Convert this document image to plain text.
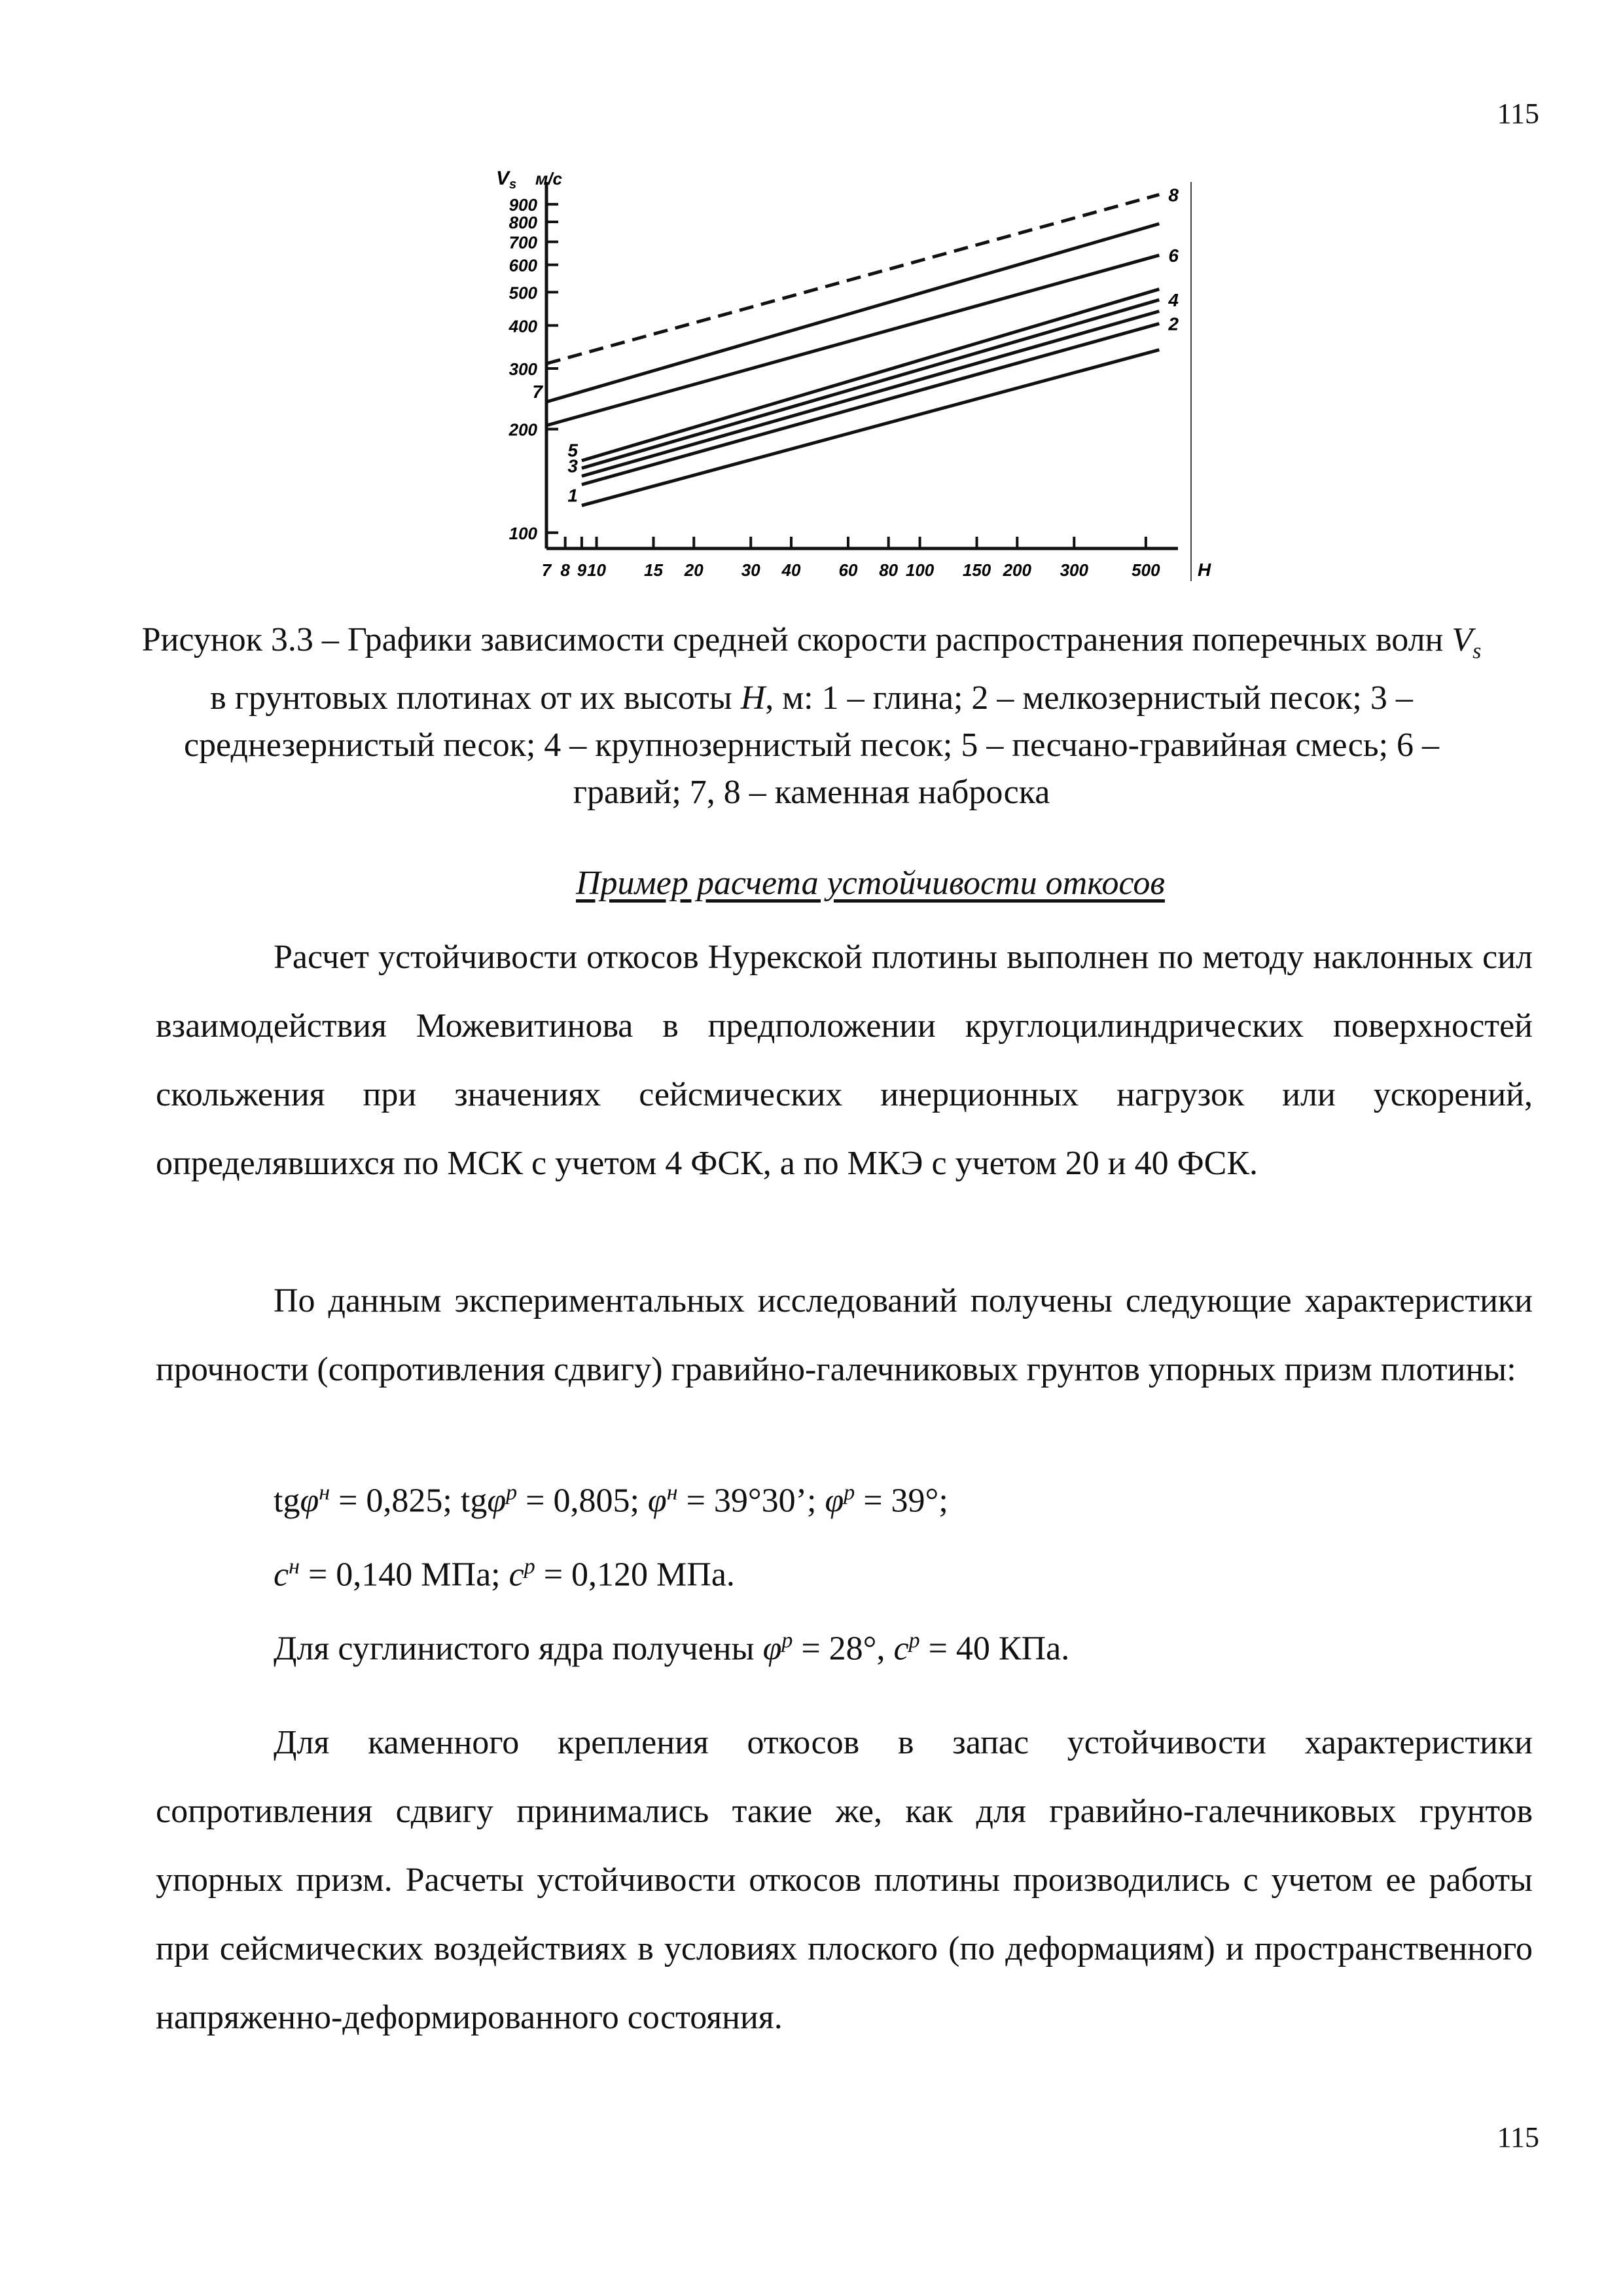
115
100
200
300
400
500
600
700
800
900
7 8 9 10 15 20 30 40 60 80 100 150 200 300	500
1
2
3
4
5
6
7
8
$V_s$ м/с
H
Рисунок 3.3 – Графики зависимости средней скорости распространения поперечных волн $V_s$ в грунтовых плотинах от их высоты H, м: 1 – глина; 2 – мелкозернистый песок; 3 – среднезернистый песок; 4 – крупнозернистый песок; 5 – песчано-гравийная смесь; 6 – гравий; 7, 8 – каменная наброска
Пример расчета устойчивости откосов
Расчет устойчивости откосов Нурекской плотины выполнен по методу наклонных сил взаимодействия Можевитинова в предположении круглоцилиндрических поверхностей скольжения при значениях сейсмических инерционных нагрузок или ускорений, определявшихся по МСК с учетом 4 ФСК, а по МКЭ с учетом 20 и 40 ФСК.
По данным экспериментальных исследований получены следующие характеристики прочности (сопротивления сдвигу) гравийно-галечниковых грунтов упорных призм плотины:
tgφ$^н$ = 0,825; tgφ$^р$ = 0,805; $\varphi^н = 39^\circ 30$’; $\varphi^р = 39^\circ$;
$c^н = 0,140$ МПа; $c^р = 0,120$ МПа.
Для суглинистого ядра получены $\varphi^р = 28^\circ$, $c^р = 40$ КПа.
Для каменного крепления откосов в запас устойчивости характеристики сопротивления сдвигу принимались такие же, как для гравийно-галечниковых грунтов упорных призм. Расчеты устойчивости откосов плотины производились с учетом ее работы при сейсмических воздействиях в условиях плоского (по деформациям) и пространственного напряженно-деформированного состояния.
115
